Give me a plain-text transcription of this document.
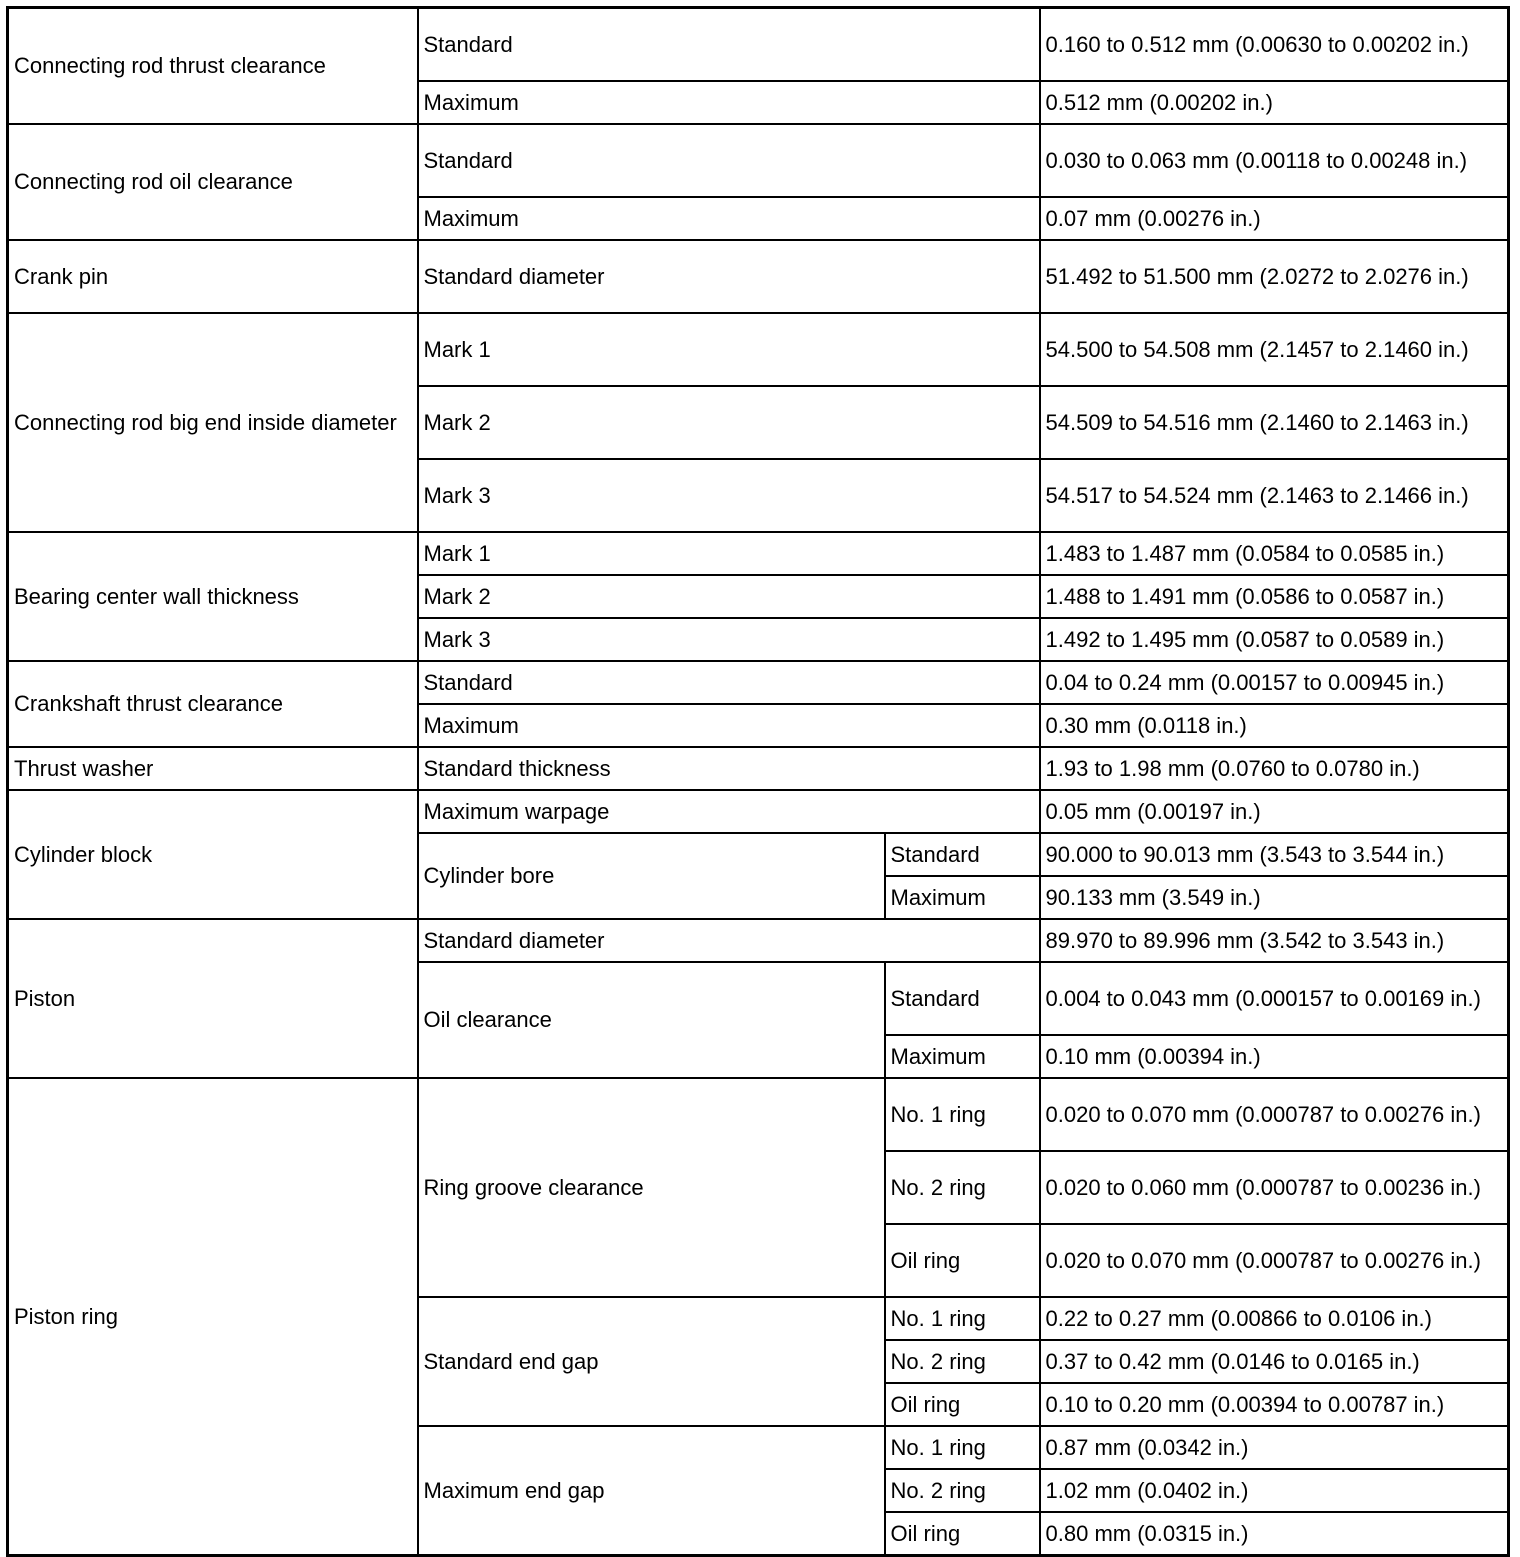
Connecting rod thrust clearance	Standard		0.160 to 0.512 mm (0.00630 to 0.00202 in.)
	Maximum		0.512 mm (0.00202 in.)
Connecting rod oil clearance	Standard		0.030 to 0.063 mm (0.00118 to 0.00248 in.)
	Maximum		0.07 mm (0.00276 in.)
Crank pin	Standard diameter		51.492 to 51.500 mm (2.0272 to 2.0276 in.)
Connecting rod big end inside diameter	Mark 1		54.500 to 54.508 mm (2.1457 to 2.1460 in.)
	Mark 2		54.509 to 54.516 mm (2.1460 to 2.1463 in.)
	Mark 3		54.517 to 54.524 mm (2.1463 to 2.1466 in.)
Bearing center wall thickness	Mark 1		1.483 to 1.487 mm (0.0584 to 0.0585 in.)
	Mark 2		1.488 to 1.491 mm (0.0586 to 0.0587 in.)
	Mark 3		1.492 to 1.495 mm (0.0587 to 0.0589 in.)
Crankshaft thrust clearance	Standard		0.04 to 0.24 mm (0.00157 to 0.00945 in.)
	Maximum		0.30 mm (0.0118 in.)
Thrust washer	Standard thickness		1.93 to 1.98 mm (0.0760 to 0.0780 in.)
Cylinder block	Maximum warpage		0.05 mm (0.00197 in.)
	Cylinder bore	Standard	90.000 to 90.013 mm (3.543 to 3.544 in.)
		Maximum	90.133 mm (3.549 in.)
Piston	Standard diameter		89.970 to 89.996 mm (3.542 to 3.543 in.)
	Oil clearance	Standard	0.004 to 0.043 mm (0.000157 to 0.00169 in.)
		Maximum	0.10 mm (0.00394 in.)
Piston ring	Ring groove clearance	No. 1 ring	0.020 to 0.070 mm (0.000787 to 0.00276 in.)
		No. 2 ring	0.020 to 0.060 mm (0.000787 to 0.00236 in.)
		Oil ring	0.020 to 0.070 mm (0.000787 to 0.00276 in.)
	Standard end gap	No. 1 ring	0.22 to 0.27 mm (0.00866 to 0.0106 in.)
		No. 2 ring	0.37 to 0.42 mm (0.0146 to 0.0165 in.)
		Oil ring	0.10 to 0.20 mm (0.00394 to 0.00787 in.)
	Maximum end gap	No. 1 ring	0.87 mm (0.0342 in.)
		No. 2 ring	1.02 mm (0.0402 in.)
		Oil ring	0.80 mm (0.0315 in.)
